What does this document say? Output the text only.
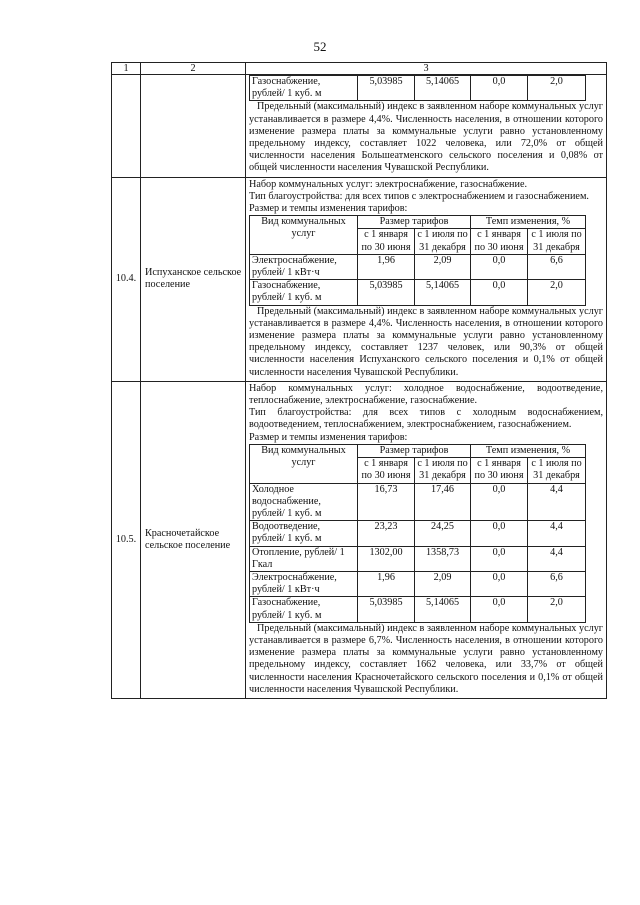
52
1	2	3

Газоснабжение, рублей/ 1 куб. м	5,03985	5,14065	0,0	2,0

Предельный (максимальный) индекс в заявленном наборе коммунальных услуг устанавливается в размере 4,4%. Численность населения, в отношении которого изменение размера платы за коммунальные услуги равно установленному предельному индексу, составляет 1022 человека, или 72,0% от общей численности населения Большеатменского сельского поселения и 0,08% от общей численности населения Чувашской Республики.

10.4.	Испуханское сельское поселение	

Набор коммунальных услуг: электроснабжение, газоснабжение.

Тип благоустройства: для всех типов с электроснабжением и газоснабжением.

Размер и темпы изменения тарифов:

Вид коммунальных услуг	Размер тарифов	Темп изменения, %
с 1 января по 30 июня	с 1 июля по 31 декабря	с 1 января по 30 июня	с 1 июля по 31 декабря
Электроснабжение, рублей/ 1 кВт·ч	1,96	2,09	0,0	6,6
Газоснабжение, рублей/ 1 куб. м	5,03985	5,14065	0,0	2,0

Предельный (максимальный) индекс в заявленном наборе коммунальных услуг устанавливается в размере 4,4%. Численность населения, в отношении которого изменение размера платы за коммунальные услуги равно установленному предельному индексу, составляет 1237 человек, или 90,3% от общей численности населения Испуханского сельского поселения и 0,1% от общей численности населения Чувашской Республики.

10.5.	Красночетайское сельское поселение	

Набор коммунальных услуг: холодное водоснабжение, водоотведение, теплоснабжение, электроснабжение, газоснабжение.

Тип благоустройства: для всех типов с холодным водоснабжением, водоотведением, теплоснабжением, электроснабжением, газоснабжением.

Размер и темпы изменения тарифов:

Вид коммунальных услуг	Размер тарифов	Темп изменения, %
с 1 января по 30 июня	с 1 июля по 31 декабря	с 1 января по 30 июня	с 1 июля по 31 декабря
Холодное водоснабжение, рублей/ 1 куб. м	16,73	17,46	0,0	4,4
Водоотведение, рублей/ 1 куб. м	23,23	24,25	0,0	4,4
Отопление, рублей/ 1 Гкал	1302,00	1358,73	0,0	4,4
Электроснабжение, рублей/ 1 кВт·ч	1,96	2,09	0,0	6,6
Газоснабжение, рублей/ 1 куб. м	5,03985	5,14065	0,0	2,0

Предельный (максимальный) индекс в заявленном наборе коммунальных услуг устанавливается в размере 6,7%. Численность населения, в отношении которого изменение размера платы за коммунальные услуги равно установленному предельному индексу, составляет 1662 человека, или 33,7% от общей численности населения Красночетайского сельского поселения и 0,1% от общей численности населения Чувашской Республики.
